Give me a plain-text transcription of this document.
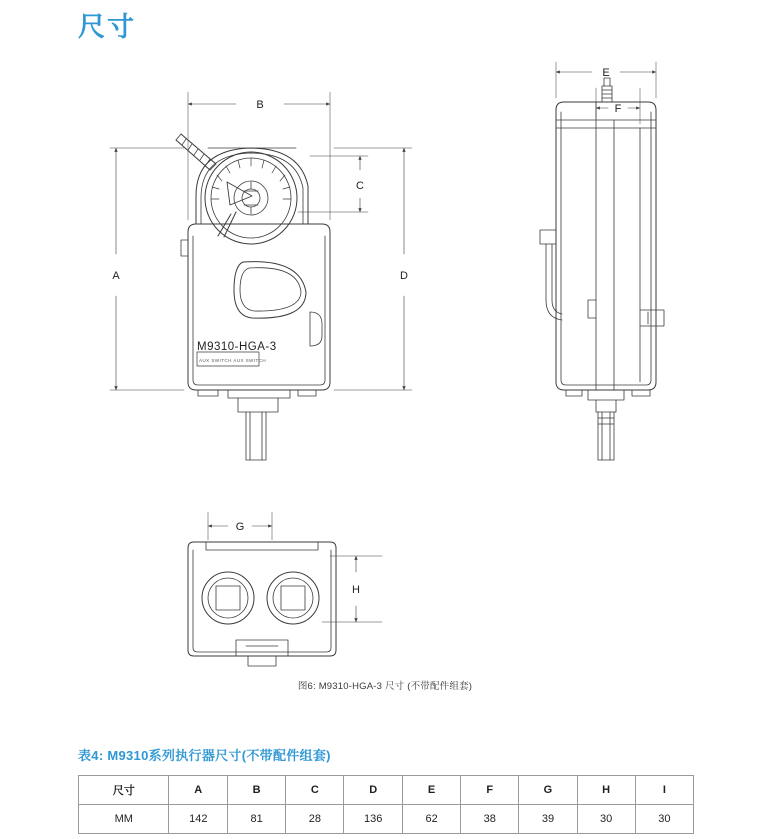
尺寸
B
A
C
D
E
F
G
H
M9310-HGA-3
AUX SWITCH AUX SWITCH
图6: M9310-HGA-3 尺寸 (不带配件组套)
表4: M9310系列执行器尺寸(不带配件组套)
尺寸	A	B	C	D	E	F	G	H	I
MM	142	81	28	136	62	38	39	30	30
